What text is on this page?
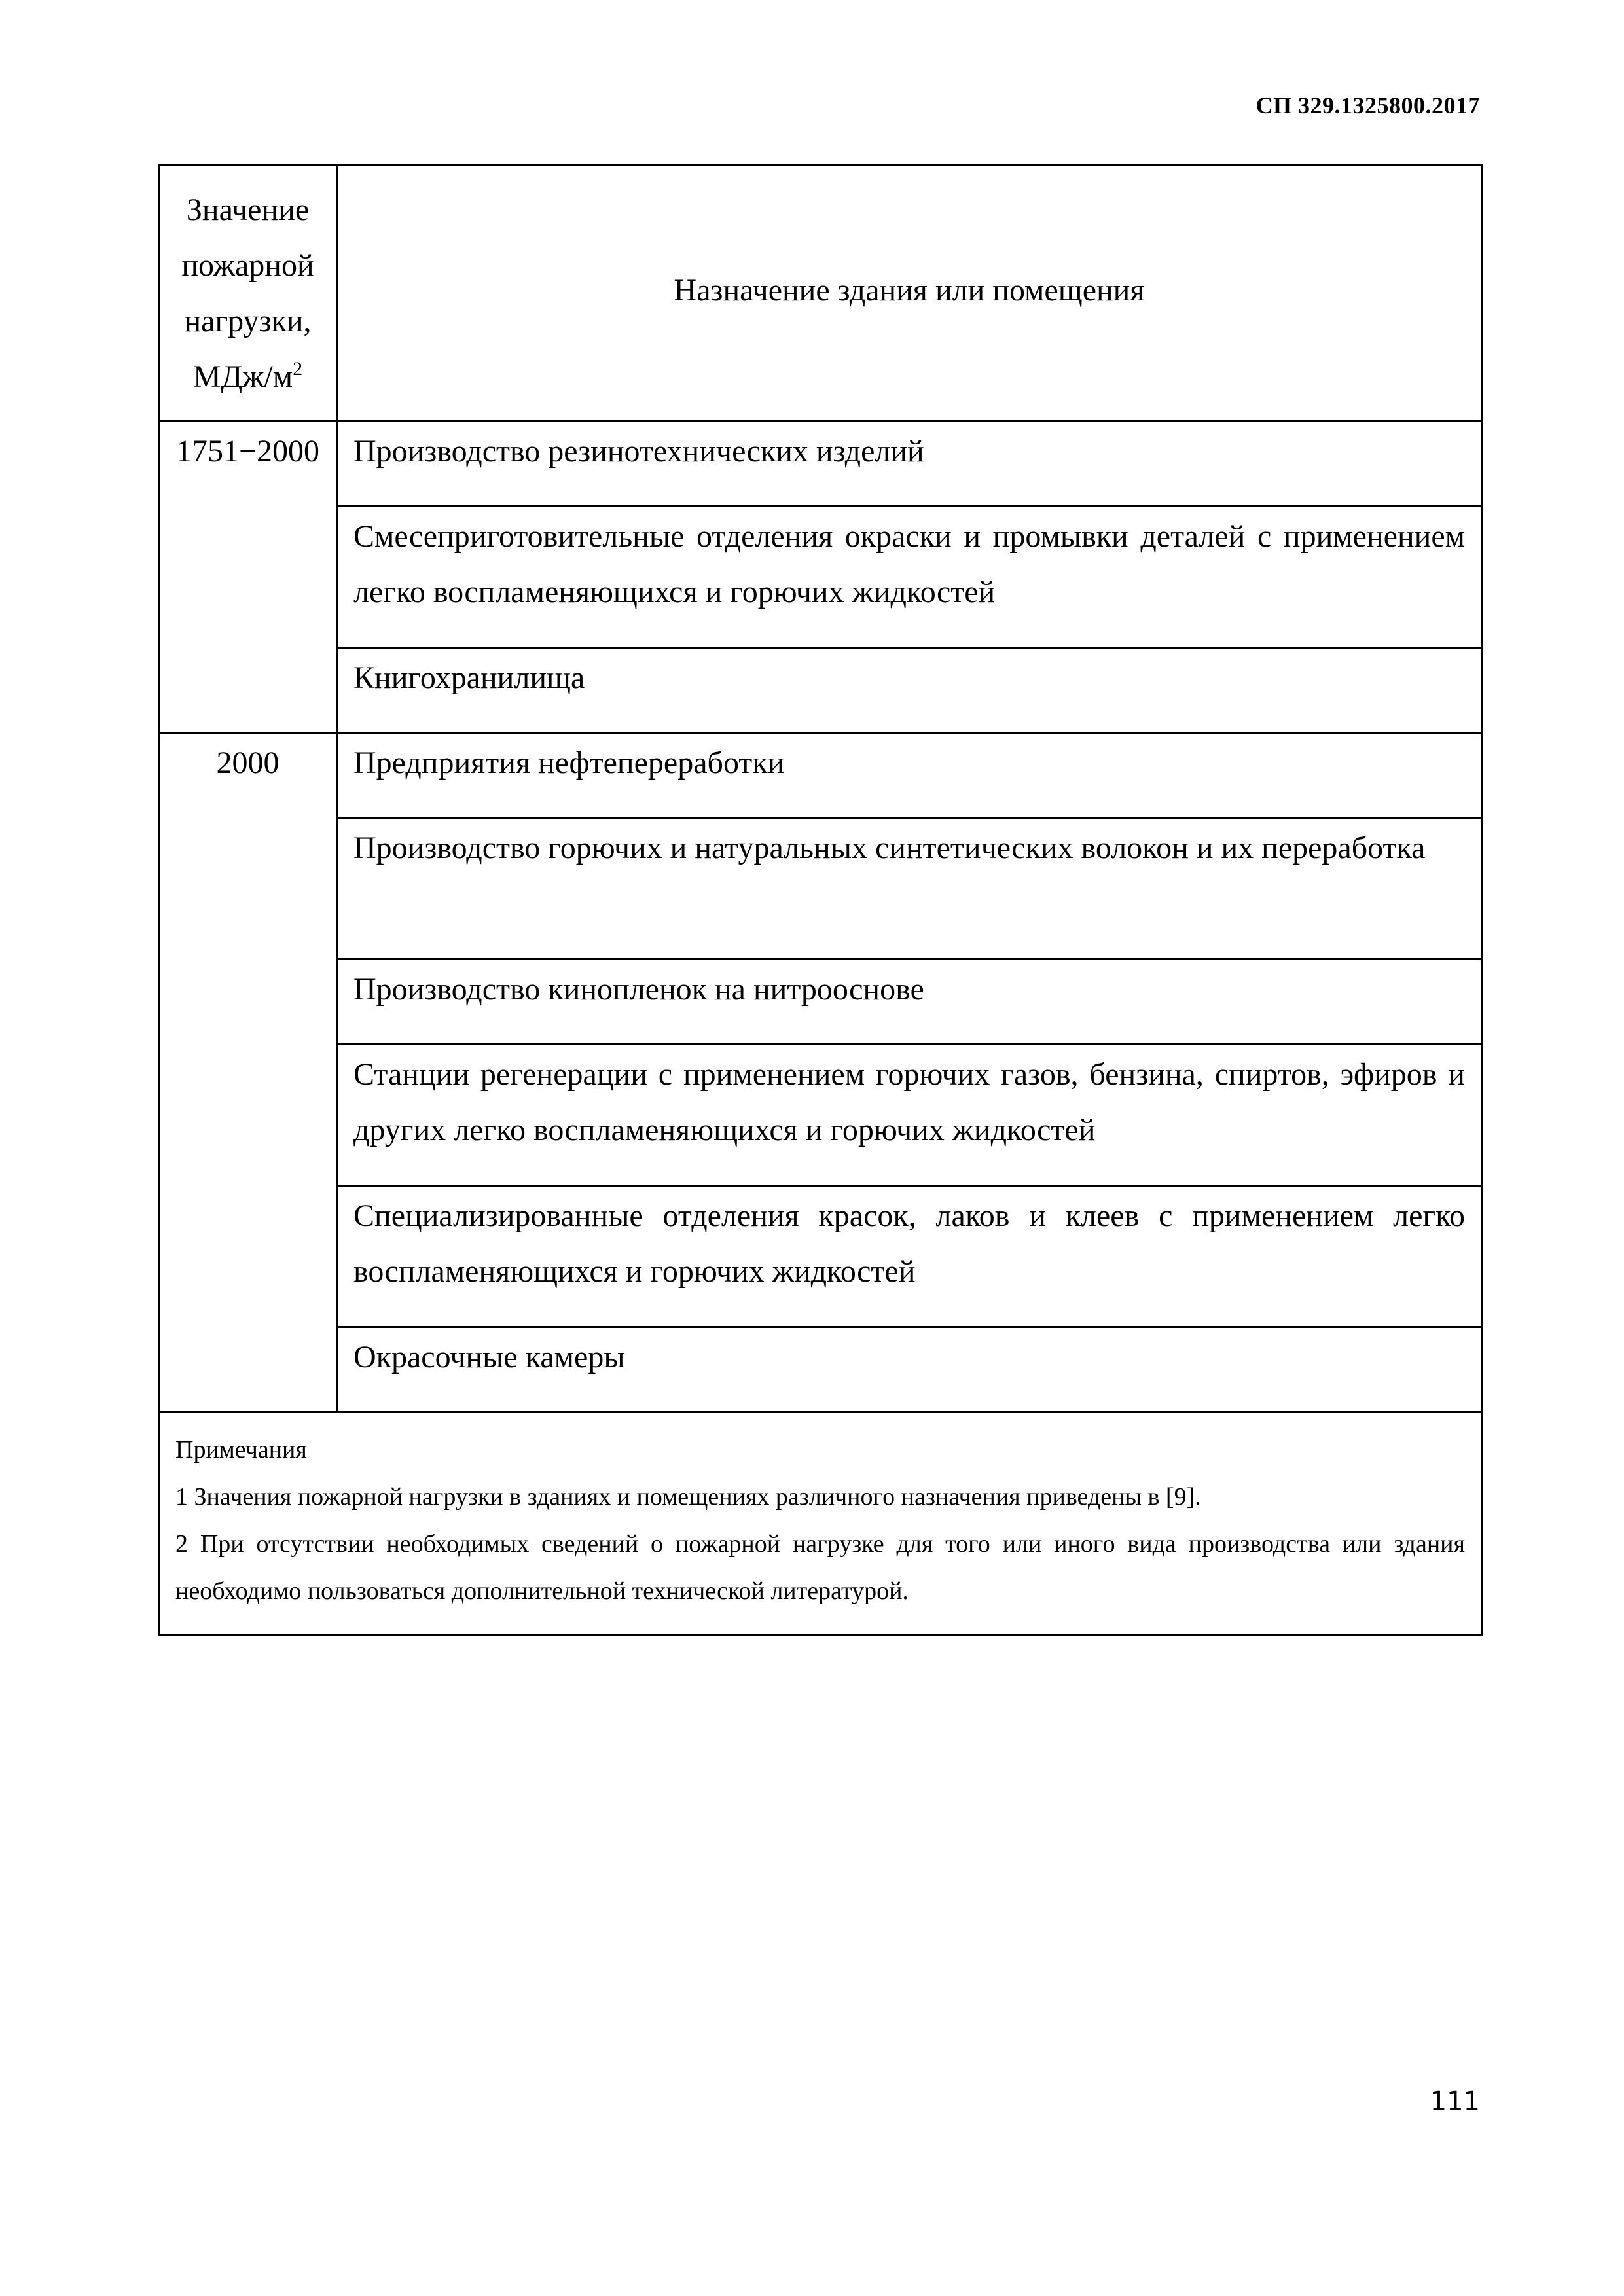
СП 329.1325800.2017
Значение
пожарной
нагрузки,
МДж/$м^2$	Назначение здания или помещения
1751−2000	Производство резинотехнических изделий
	Смесеприготовительные отделения окраски и промывки деталей с применением легко воспламеняющихся и горючих жидкостей
	Книгохранилища
2000	Предприятия нефтепереработки
	Производство горючих и натуральных синтетических волокон и их переработка
	Производство кинопленок на нитрооснове
	Станции регенерации с применением горючих газов, бензина, спиртов, эфиров и других легко воспламеняющихся и горючих жидкостей
	Специализированные отделения красок, лаков и клеев с применением легко воспламеняющихся и горючих жидкостей
	Окрасочные камеры

Примечания

1 Значения пожарной нагрузки в зданиях и помещениях различного назначения приведены в [9].

2 При отсутствии необходимых сведений о пожарной нагрузке для того или иного вида производства или здания необходимо пользоваться дополнительной технической литературой.	

111
